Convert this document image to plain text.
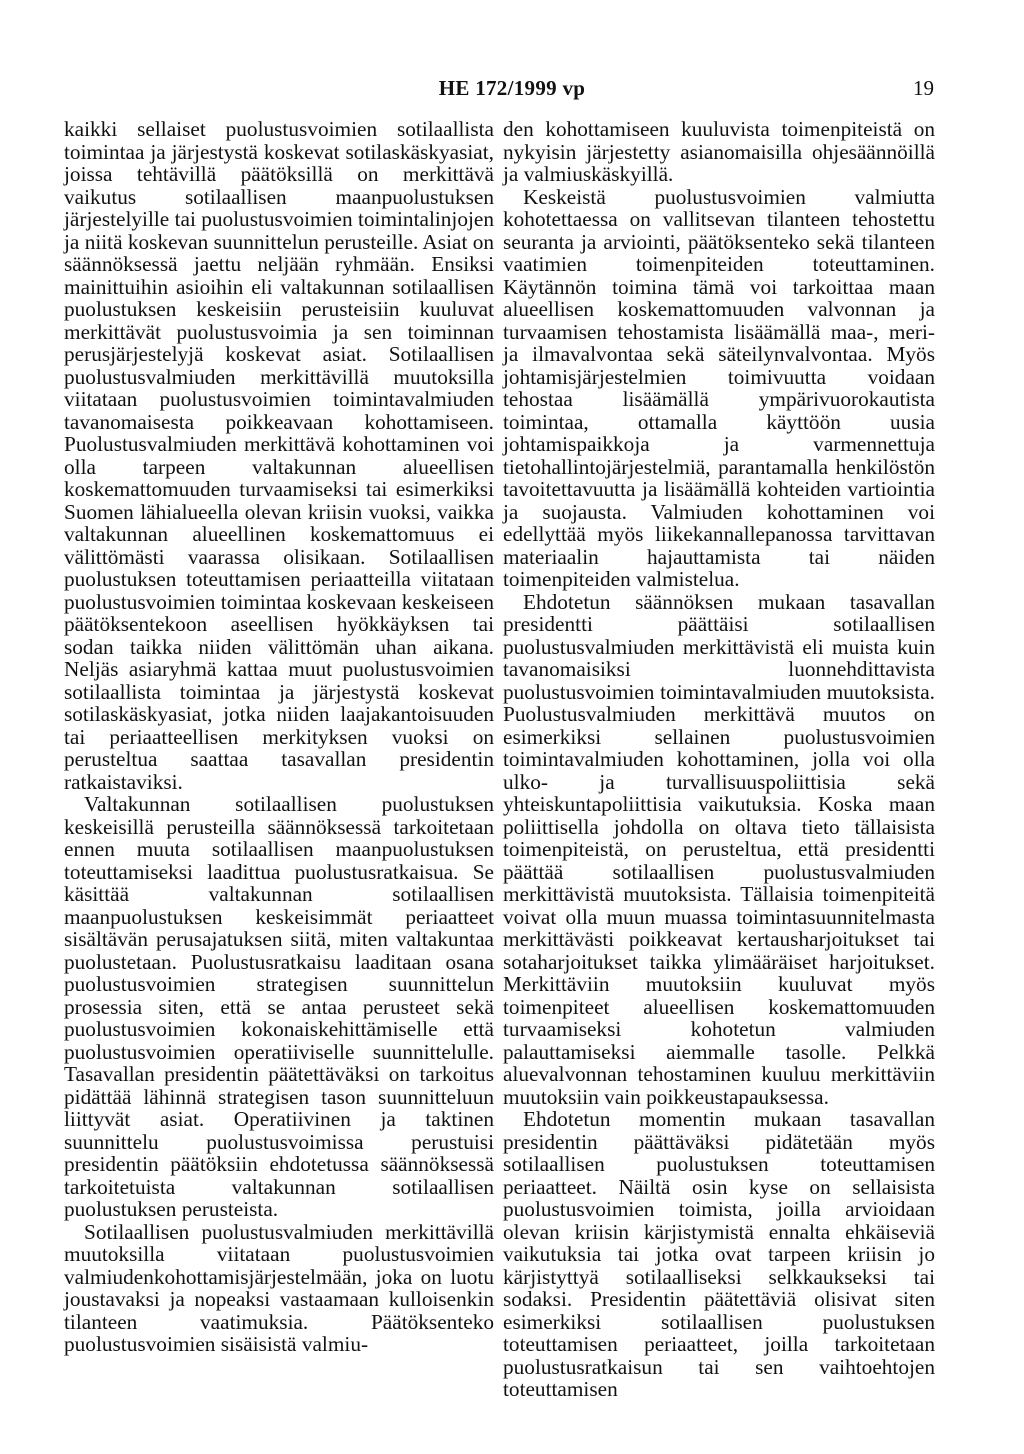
HE 172/1999 vp	19

kaikki sellaiset puolustusvoimien sotilaallista toimintaa ja järjestystä koskevat sotilaskäskyasiat, joissa tehtävillä päätöksillä on merkittävä vaikutus sotilaallisen maanpuolustuksen järjestelyille tai puolustusvoimien toimintalinjojen ja niitä koskevan suunnittelun perusteille. Asiat on säännöksessä jaettu neljään ryhmään. Ensiksi mainittuihin asioihin eli valtakunnan sotilaallisen puolustuksen keskeisiin perusteisiin kuuluvat merkittävät puolustusvoimia ja sen toiminnan perusjärjestelyjä koskevat asiat. Sotilaallisen puolustusvalmiuden merkittävillä muutoksilla viitataan puolustusvoimien toimintavalmiuden tavanomaisesta poikkeavaan kohottamiseen. Puolustusvalmiuden merkittävä kohottaminen voi olla tarpeen valtakunnan alueellisen koskemattomuuden turvaamiseksi tai esimerkiksi Suomen lähialueella olevan kriisin vuoksi, vaikka valtakunnan alueellinen koskemattomuus ei välittömästi vaarassa olisikaan. Sotilaallisen puolustuksen toteuttamisen periaatteilla viitataan puolustusvoimien toimintaa koskevaan keskeiseen päätöksentekoon aseellisen hyökkäyksen tai sodan taikka niiden välittömän uhan aikana. Neljäs asiaryhmä kattaa muut puolustusvoimien sotilaallista toimintaa ja järjestystä koskevat sotilaskäskyasiat, jotka niiden laajakantoisuuden tai periaatteellisen merkityksen vuoksi on perusteltua saattaa tasavallan presidentin ratkaistaviksi.

Valtakunnan sotilaallisen puolustuksen keskeisillä perusteilla säännöksessä tarkoitetaan ennen muuta sotilaallisen maanpuolustuksen toteuttamiseksi laadittua puolustusratkaisua. Se käsittää valtakunnan sotilaallisen maanpuolustuksen keskeisimmät periaatteet sisältävän perusajatuksen siitä, miten valtakuntaa puolustetaan. Puolustusratkaisu laaditaan osana puolustusvoimien strategisen suunnittelun prosessia siten, että se antaa perusteet sekä puolustusvoimien kokonaiskehittämiselle että puolustusvoimien operatiiviselle suunnittelulle. Tasavallan presidentin päätettäväksi on tarkoitus pidättää lähinnä strategisen tason suunnitteluun liittyvät asiat. Operatiivinen ja taktinen suunnittelu puolustusvoimissa perustuisi presidentin päätöksiin ehdotetussa säännöksessä tarkoitetuista valtakunnan sotilaallisen puolustuksen perusteista.

Sotilaallisen puolustusvalmiuden merkittävillä muutoksilla viitataan puolustusvoimien valmiudenkohottamisjärjestelmään, joka on luotu joustavaksi ja nopeaksi vastaamaan kulloisenkin tilanteen vaatimuksia. Päätöksenteko puolustusvoimien sisäisistä valmiu-

den kohottamiseen kuuluvista toimenpiteistä on nykyisin järjestetty asianomaisilla ohjesäännöillä ja valmiuskäskyillä.

Keskeistä puolustusvoimien valmiutta kohotettaessa on vallitsevan tilanteen tehostettu seuranta ja arviointi, päätöksenteko sekä tilanteen vaatimien toimenpiteiden toteuttaminen. Käytännön toimina tämä voi tarkoittaa maan alueellisen koskemattomuuden valvonnan ja turvaamisen tehostamista lisäämällä maa-, meri- ja ilmavalvontaa sekä säteilynvalvontaa. Myös johtamisjärjestelmien toimivuutta voidaan tehostaa lisäämällä ympärivuorokautista toimintaa, ottamalla käyttöön uusia johtamispaikkoja ja varmennettuja tietohallintojärjestelmiä, parantamalla henkilöstön tavoitettavuutta ja lisäämällä kohteiden vartiointia ja suojausta. Valmiuden kohottaminen voi edellyttää myös liikekannallepanossa tarvittavan materiaalin hajauttamista tai näiden toimenpiteiden valmistelua.

Ehdotetun säännöksen mukaan tasavallan presidentti päättäisi sotilaallisen puolustusvalmiuden merkittävistä eli muista kuin tavanomaisiksi luonnehdittavista puolustusvoimien toimintavalmiuden muutoksista. Puolustusvalmiuden merkittävä muutos on esimerkiksi sellainen puolustusvoimien toimintavalmiuden kohottaminen, jolla voi olla ulko- ja turvallisuuspoliittisia sekä yhteiskuntapoliittisia vaikutuksia. Koska maan poliittisella johdolla on oltava tieto tällaisista toimenpiteistä, on perusteltua, että presidentti päättää sotilaallisen puolustusvalmiuden merkittävistä muutoksista. Tällaisia toimenpiteitä voivat olla muun muassa toimintasuunnitelmasta merkittävästi poikkeavat kertausharjoitukset tai sotaharjoitukset taikka ylimääräiset harjoitukset. Merkittäviin muutoksiin kuuluvat myös toimenpiteet alueellisen koskemattomuuden turvaamiseksi kohotetun valmiuden palauttamiseksi aiemmalle tasolle. Pelkkä aluevalvonnan tehostaminen kuuluu merkittäviin muutoksiin vain poikkeustapauksessa.

Ehdotetun momentin mukaan tasavallan presidentin päättäväksi pidätetään myös sotilaallisen puolustuksen toteuttamisen periaatteet. Näiltä osin kyse on sellaisista puolustusvoimien toimista, joilla arvioidaan olevan kriisin kärjistymistä ennalta ehkäiseviä vaikutuksia tai jotka ovat tarpeen kriisin jo kärjistyttyä sotilaalliseksi selkkaukseksi tai sodaksi. Presidentin päätettäviä olisivat siten esimerkiksi sotilaallisen puolustuksen toteuttamisen periaatteet, joilla tarkoitetaan puolustusratkaisun tai sen vaihtoehtojen toteuttamisen
